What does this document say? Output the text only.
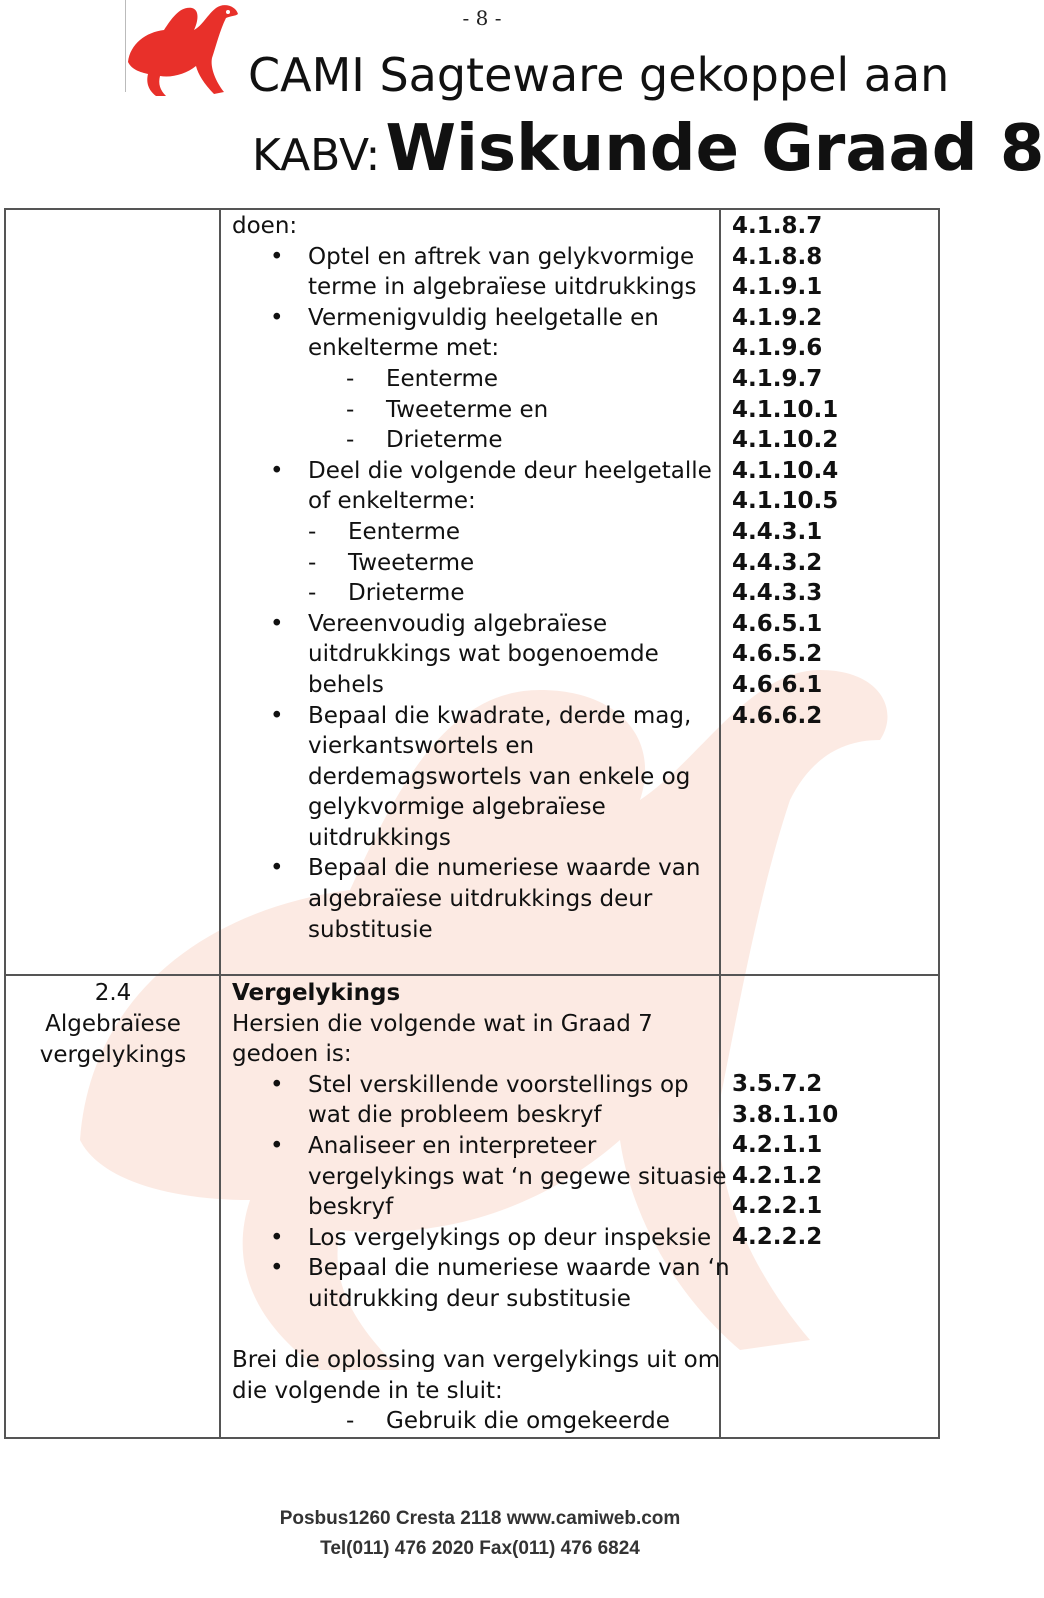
- 8 -
CAMI Sagteware gekoppel aan
KABV: Wiskunde Graad 8
doen:
• Optel en aftrek van gelykvormige
terme in algebraïese uitdrukkings
• Vermenigvuldig heelgetalle en
enkelterme met:
- Eenterme
- Tweeterme en
- Drieterme
• Deel die volgende deur heelgetalle
of enkelterme:
- Eenterme
- Tweeterme
- Drieterme
• Vereenvoudig algebraïese
uitdrukkings wat bogenoemde
behels
• Bepaal die kwadrate, derde mag,
vierkantswortels en
derdemagswortels van enkele og
gelykvormige algebraïese
uitdrukkings
• Bepaal die numeriese waarde van
algebraïese uitdrukkings deur
substitusie
4.1.8.7
4.1.8.8
4.1.9.1
4.1.9.2
4.1.9.6
4.1.9.7
4.1.10.1
4.1.10.2
4.1.10.4
4.1.10.5
4.4.3.1
4.4.3.2
4.4.3.3
4.6.5.1
4.6.5.2
4.6.6.1
4.6.6.2
2.4
Algebraïese
vergelykings
Vergelykings
Hersien die volgende wat in Graad 7
gedoen is:
• Stel verskillende voorstellings op
wat die probleem beskryf
• Analiseer en interpreteer
vergelykings wat ‘n gegewe situasie
beskryf
• Los vergelykings op deur inspeksie
• Bepaal die numeriese waarde van ‘n
uitdrukking deur substitusie
Brei die oplossing van vergelykings uit om
die volgende in te sluit:
- Gebruik die omgekeerde
3.5.7.2
3.8.1.10
4.2.1.1
4.2.1.2
4.2.2.1
4.2.2.2
Posbus1260 Cresta 2118 www.camiweb.com
Tel(011) 476 2020 Fax(011) 476 6824
